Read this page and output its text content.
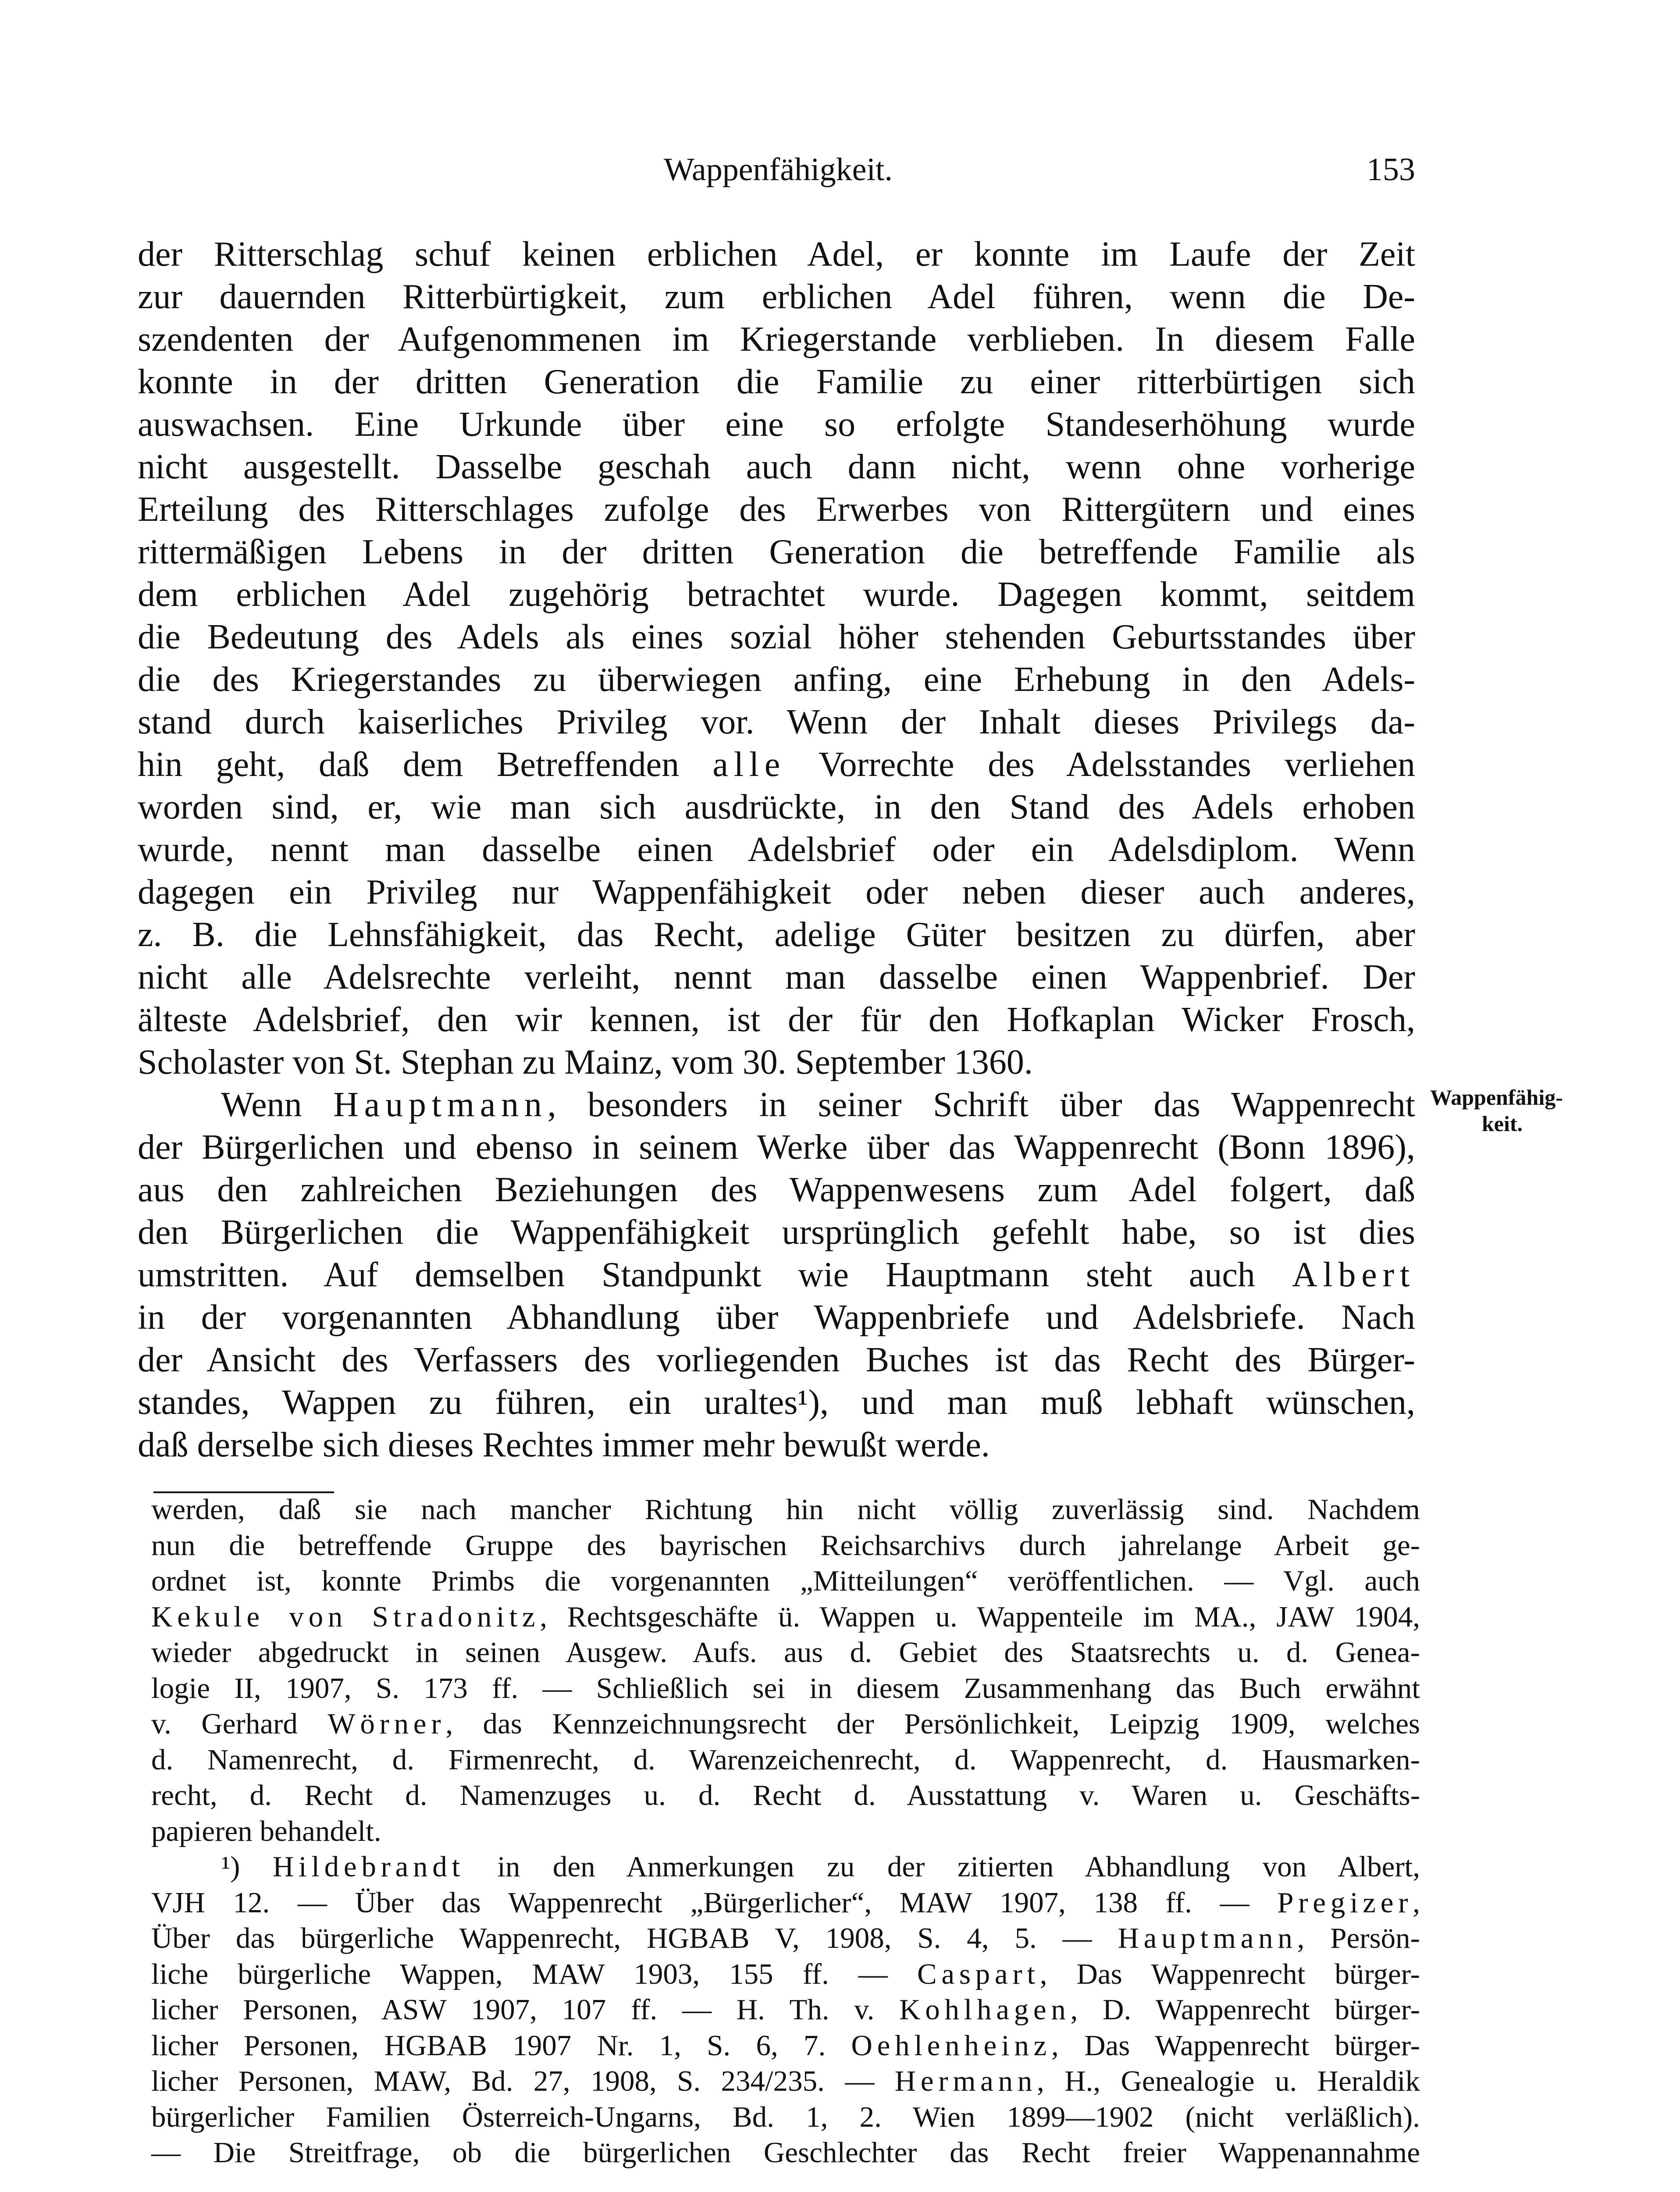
Wappenfähigkeit.	153
der Ritterschlag schuf keinen erblichen Adel, er konnte im Laufe der Zeit
zur dauernden Ritterbürtigkeit, zum erblichen Adel führen, wenn die De-
szendenten der Aufgenommenen im Kriegerstande verblieben. In diesem Falle
konnte in der dritten Generation die Familie zu einer ritterbürtigen sich
auswachsen. Eine Urkunde über eine so erfolgte Standeserhöhung wurde
nicht ausgestellt. Dasselbe geschah auch dann nicht, wenn ohne vorherige
Erteilung des Ritterschlages zufolge des Erwerbes von Rittergütern und eines
rittermäßigen Lebens in der dritten Generation die betreffende Familie als
dem erblichen Adel zugehörig betrachtet wurde. Dagegen kommt, seitdem
die Bedeutung des Adels als eines sozial höher stehenden Geburtsstandes über
die des Kriegerstandes zu überwiegen anfing, eine Erhebung in den Adels-
stand durch kaiserliches Privileg vor. Wenn der Inhalt dieses Privilegs da-
hin geht, daß dem Betreffenden alle Vorrechte des Adelsstandes verliehen
worden sind, er, wie man sich ausdrückte, in den Stand des Adels erhoben
wurde, nennt man dasselbe einen Adelsbrief oder ein Adelsdiplom. Wenn
dagegen ein Privileg nur Wappenfähigkeit oder neben dieser auch anderes,
z. B. die Lehnsfähigkeit, das Recht, adelige Güter besitzen zu dürfen, aber
nicht alle Adelsrechte verleiht, nennt man dasselbe einen Wappenbrief. Der
älteste Adelsbrief, den wir kennen, ist der für den Hofkaplan Wicker Frosch,
Scholaster von St. Stephan zu Mainz, vom 30. September 1360.
Wenn Hauptmann, besonders in seiner Schrift über das Wappenrecht
der Bürgerlichen und ebenso in seinem Werke über das Wappenrecht (Bonn 1896),
aus den zahlreichen Beziehungen des Wappenwesens zum Adel folgert, daß
den Bürgerlichen die Wappenfähigkeit ursprünglich gefehlt habe, so ist dies
umstritten. Auf demselben Standpunkt wie Hauptmann steht auch Albert
in der vorgenannten Abhandlung über Wappenbriefe und Adelsbriefe. Nach
der Ansicht des Verfassers des vorliegenden Buches ist das Recht des Bürger-
standes, Wappen zu führen, ein uraltes¹), und man muß lebhaft wünschen,
daß derselbe sich dieses Rechtes immer mehr bewußt werde.
Wappenfähig-
keit.
werden, daß sie nach mancher Richtung hin nicht völlig zuverlässig sind. Nachdem
nun die betreffende Gruppe des bayrischen Reichsarchivs durch jahrelange Arbeit ge-
ordnet ist, konnte Primbs die vorgenannten „Mitteilungen“ veröffentlichen. — Vgl. auch
Kekule von Stradonitz, Rechtsgeschäfte ü. Wappen u. Wappenteile im MA., JAW 1904,
wieder abgedruckt in seinen Ausgew. Aufs. aus d. Gebiet des Staatsrechts u. d. Genea-
logie II, 1907, S. 173 ff. — Schließlich sei in diesem Zusammenhang das Buch erwähnt
v. Gerhard Wörner, das Kennzeichnungsrecht der Persönlichkeit, Leipzig 1909, welches
d. Namenrecht, d. Firmenrecht, d. Warenzeichenrecht, d. Wappenrecht, d. Hausmarken-
recht, d. Recht d. Namenzuges u. d. Recht d. Ausstattung v. Waren u. Geschäfts-
papieren behandelt.
¹) Hildebrandt in den Anmerkungen zu der zitierten Abhandlung von Albert,
VJH 12. — Über das Wappenrecht „Bürgerlicher“, MAW 1907, 138 ff. — Pregizer,
Über das bürgerliche Wappenrecht, HGBAB V, 1908, S. 4, 5. — Hauptmann, Persön-
liche bürgerliche Wappen, MAW 1903, 155 ff. — Caspart, Das Wappenrecht bürger-
licher Personen, ASW 1907, 107 ff. — H. Th. v. Kohlhagen, D. Wappenrecht bürger-
licher Personen, HGBAB 1907 Nr. 1, S. 6, 7. Oehlenheinz, Das Wappenrecht bürger-
licher Personen, MAW, Bd. 27, 1908, S. 234/235. — Hermann, H., Genealogie u. Heraldik
bürgerlicher Familien Österreich-Ungarns, Bd. 1, 2. Wien 1899—1902 (nicht verläßlich).
— Die Streitfrage, ob die bürgerlichen Geschlechter das Recht freier Wappenannahme
